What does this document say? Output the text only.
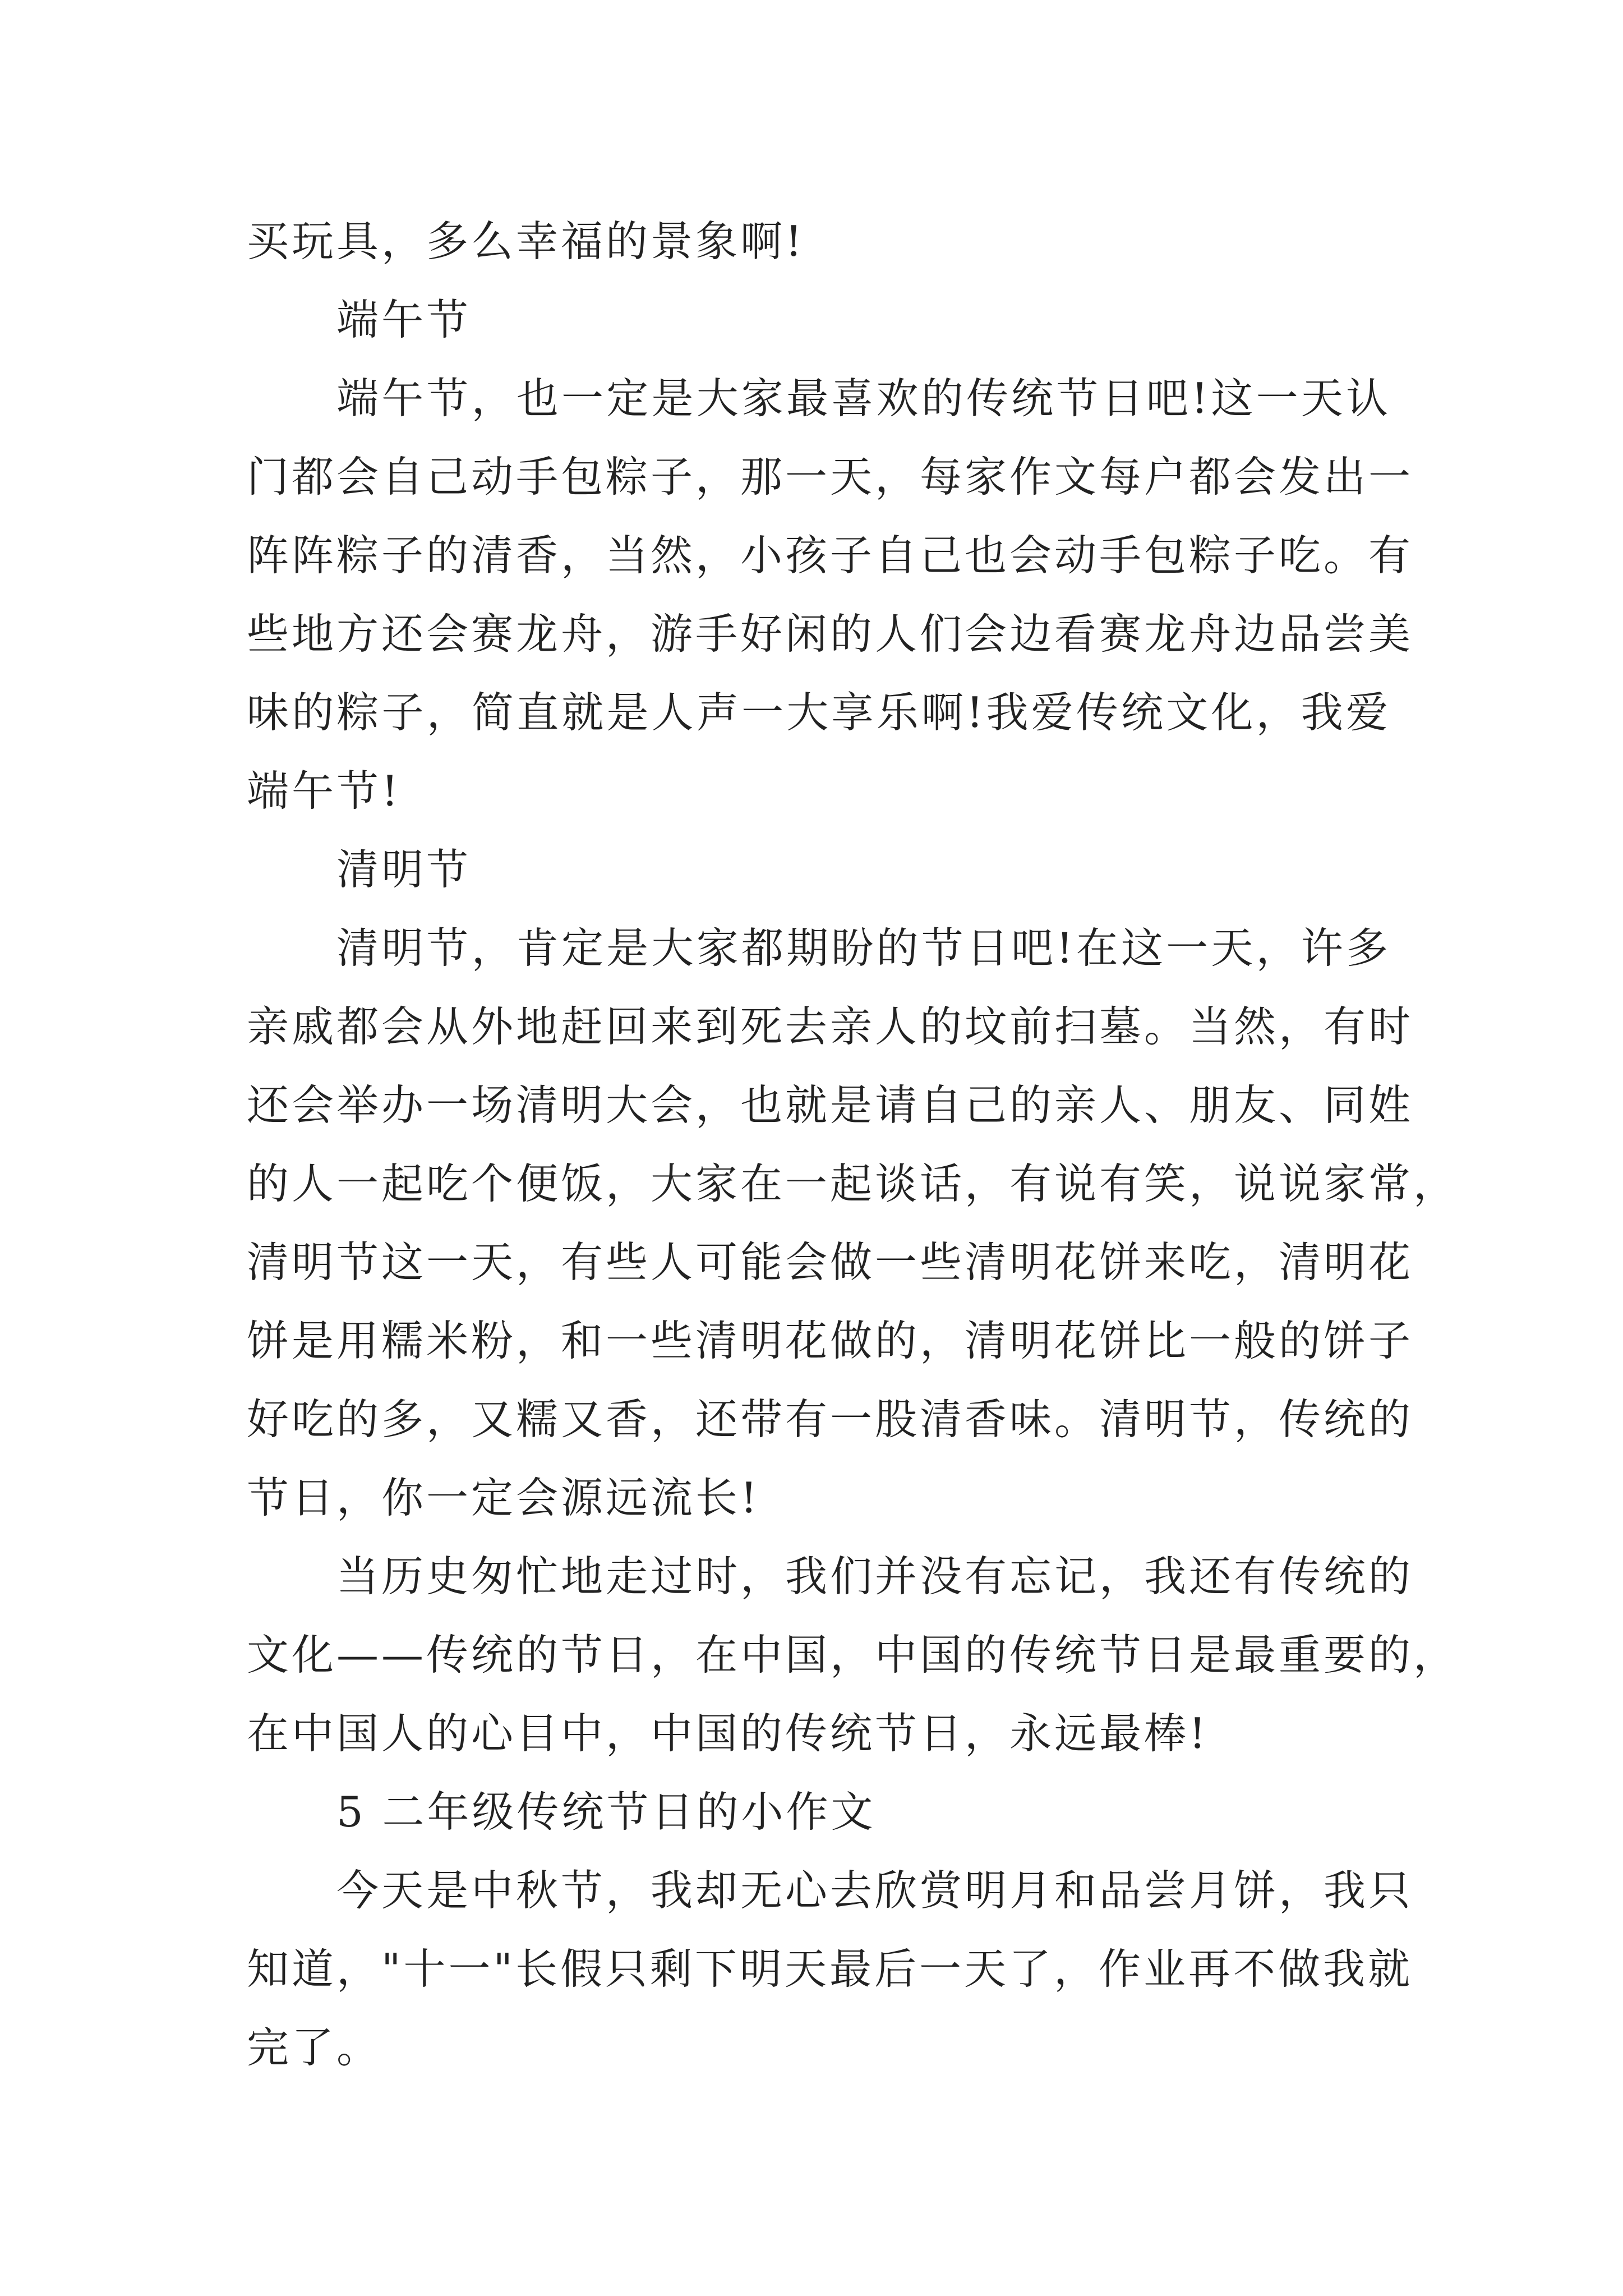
买玩具，多么幸福的景象啊!
端午节
端午节，也一定是大家最喜欢的传统节日吧!这一天认
门都会自己动手包粽子，那一天，每家作文每户都会发出一
阵阵粽子的清香，当然，小孩子自己也会动手包粽子吃。有
些地方还会赛龙舟，游手好闲的人们会边看赛龙舟边品尝美
味的粽子，简直就是人声一大享乐啊!我爱传统文化，我爱
端午节!
清明节
清明节，肯定是大家都期盼的节日吧!在这一天，许多
亲戚都会从外地赶回来到死去亲人的坟前扫墓。当然，有时
还会举办一场清明大会，也就是请自己的亲人、朋友、同姓
的人一起吃个便饭，大家在一起谈话，有说有笑，说说家常，
清明节这一天，有些人可能会做一些清明花饼来吃，清明花
饼是用糯米粉，和一些清明花做的，清明花饼比一般的饼子
好吃的多，又糯又香，还带有一股清香味。清明节，传统的
节日，你一定会源远流长!
当历史匆忙地走过时，我们并没有忘记，我还有传统的
文化——传统的节日，在中国，中国的传统节日是最重要的，
在中国人的心目中，中国的传统节日，永远最棒!
5 二年级传统节日的小作文
今天是中秋节，我却无心去欣赏明月和品尝月饼，我只
知道，"十一"长假只剩下明天最后一天了，作业再不做我就
完了。
